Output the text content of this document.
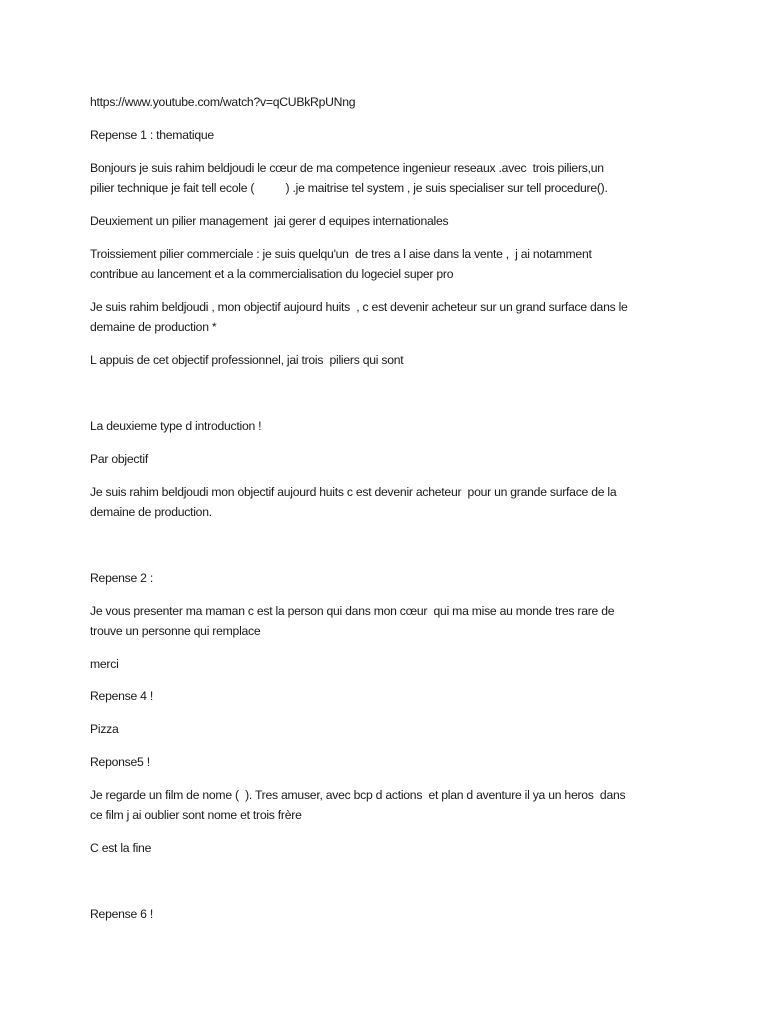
https://www.youtube.com/watch?v=qCUBkRpUNng
Repense 1 : thematique
Bonjours je suis rahim beldjoudi le cœur de ma competence ingenieur reseaux .avec  trois piliers,un
pilier technique je fait tell ecole (          ) .je maitrise tel system , je suis specialiser sur tell procedure().
Deuxiement un pilier management  jai gerer d equipes internationales
Troissiement pilier commerciale : je suis quelqu'un  de tres a l aise dans la vente ,  j ai notamment
contribue au lancement et a la commercialisation du logeciel super pro
Je suis rahim beldjoudi , mon objectif aujourd huits  , c est devenir acheteur sur un grand surface dans le
demaine de production *
L appuis de cet objectif professionnel, jai trois  piliers qui sont
La deuxieme type d introduction !
Par objectif
Je suis rahim beldjoudi mon objectif aujourd huits c est devenir acheteur  pour un grande surface de la
demaine de production.
Repense 2 :
Je vous presenter ma maman c est la person qui dans mon cœur  qui ma mise au monde tres rare de
trouve un personne qui remplace
merci
Repense 4 !
Pizza
Reponse5 !
Je regarde un film de nome (  ). Tres amuser, avec bcp d actions  et plan d aventure il ya un heros  dans
ce film j ai oublier sont nome et trois frère
C est la fine
Repense 6 !
